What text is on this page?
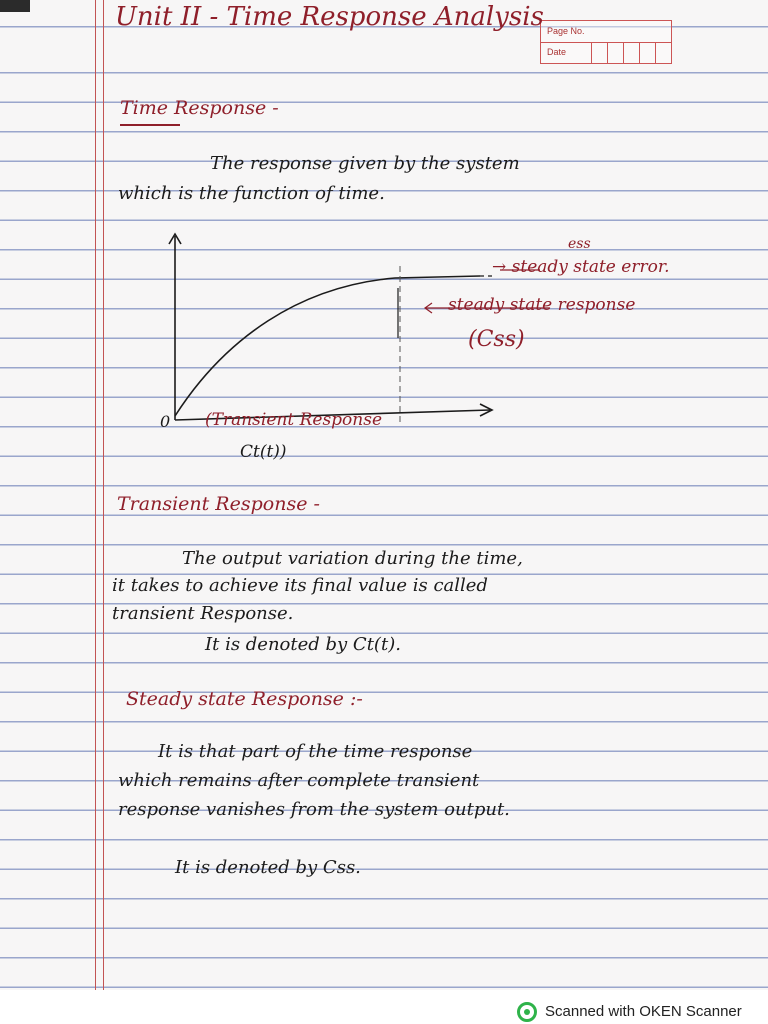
Page No.
Date
Unit II - Time Response Analysis
Time Response -
The response given by the system
which is the function of time.
ess
→ steady state error.
steady state response
(Css)
0 (Transient Response
Ct(t))
Transient Response -
The output variation during the time,
it takes to achieve its final value is called
transient Response.
It is denoted by Ct(t).
Steady state Response :-
It is that part of the time response
which remains after complete transient
response vanishes from the system output.
It is denoted by Css.
Scanned with OKEN Scanner
